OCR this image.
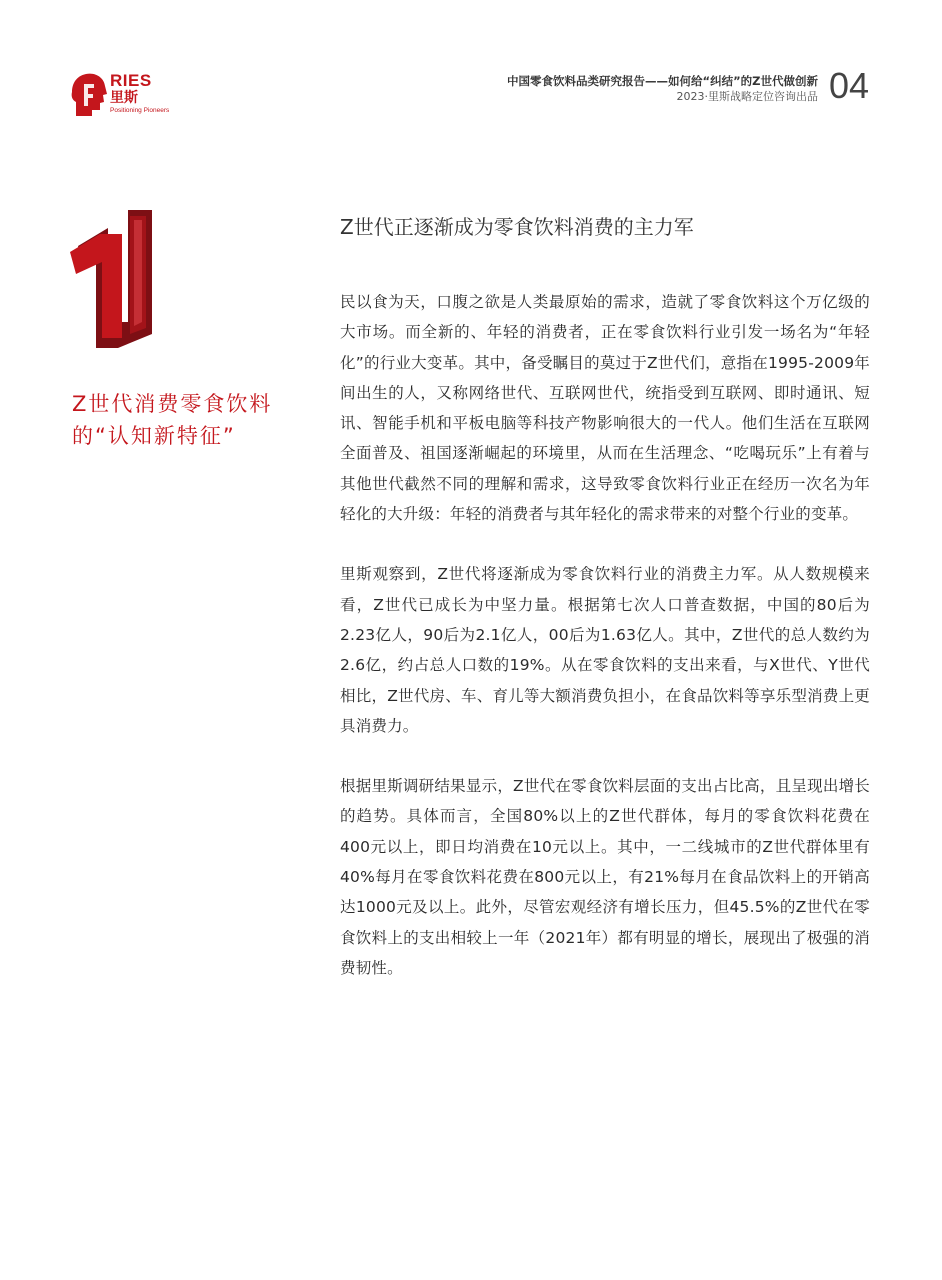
RIES
里斯
Positioning Pioneers
中国零食饮料品类研究报告——如何给“纠结”的Z世代做创新
2023·里斯战略定位咨询出品 04
Z世代消费零食饮料
的“认知新特征”
Z世代正逐渐成为零食饮料消费的主力军

民以食为天，口腹之欲是人类最原始的需求，造就了零食饮料这个万亿级的大市场。而全新的、年轻的消费者，正在零食饮料行业引发一场名为“年轻化”的行业大变革。其中，备受瞩目的莫过于Z世代们，意指在1995-2009年间出生的人，又称网络世代、互联网世代，统指受到互联网、即时通讯、短讯、智能手机和平板电脑等科技产物影响很大的一代人。他们生活在互联网全面普及、祖国逐渐崛起的环境里，从而在生活理念、“吃喝玩乐”上有着与其他世代截然不同的理解和需求，这导致零食饮料行业正在经历一次名为年轻化的大升级：年轻的消费者与其年轻化的需求带来的对整个行业的变革。

里斯观察到，Z世代将逐渐成为零食饮料行业的消费主力军。从人数规模来看，Z世代已成长为中坚力量。根据第七次人口普查数据，中国的80后为2.23亿人，90后为2.1亿人，00后为1.63亿人。其中，Z世代的总人数约为2.6亿，约占总人口数的19%。从在零食饮料的支出来看，与X世代、Y世代相比，Z世代房、车、育儿等大额消费负担小，在食品饮料等享乐型消费上更具消费力。

根据里斯调研结果显示，Z世代在零食饮料层面的支出占比高，且呈现出增长的趋势。具体而言，全国80%以上的Z世代群体，每月的零食饮料花费在400元以上，即日均消费在10元以上。其中，一二线城市的Z世代群体里有40%每月在零食饮料花费在800元以上，有21%每月在食品饮料上的开销高达1000元及以上。此外，尽管宏观经济有增长压力，但45.5%的Z世代在零食饮料上的支出相较上一年（2021年）都有明显的增长，展现出了极强的消费韧性。
